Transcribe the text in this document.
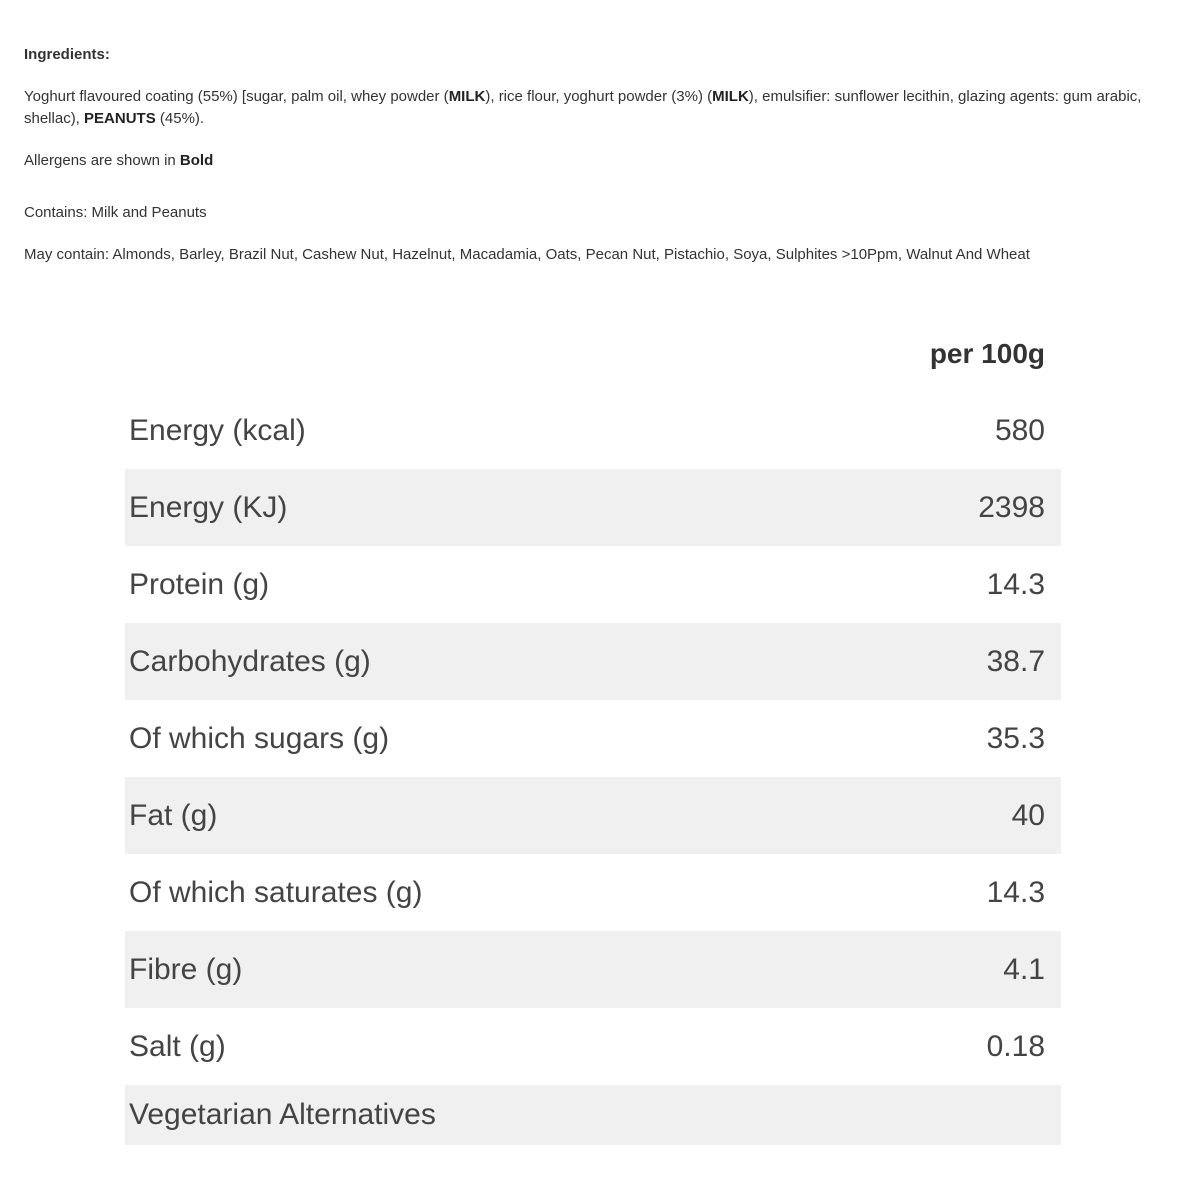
Ingredients:
Yoghurt flavoured coating (55%) [sugar, palm oil, whey powder (MILK), rice flour, yoghurt powder (3%) (MILK), emulsifier: sunflower lecithin, glazing agents: gum arabic, shellac), PEANUTS (45%).
Allergens are shown in Bold
Contains: Milk and Peanuts
May contain: Almonds, Barley, Brazil Nut, Cashew Nut, Hazelnut, Macadamia, Oats, Pecan Nut, Pistachio, Soya, Sulphites >10Ppm, Walnut And Wheat
per 100g
Energy (kcal)	580
Energy (KJ)	2398
Protein (g)	14.3
Carbohydrates (g)	38.7
Of which sugars (g)	35.3
Fat (g)	40
Of which saturates (g)	14.3
Fibre (g)	4.1
Salt (g)	0.18
Vegetarian Alternatives
